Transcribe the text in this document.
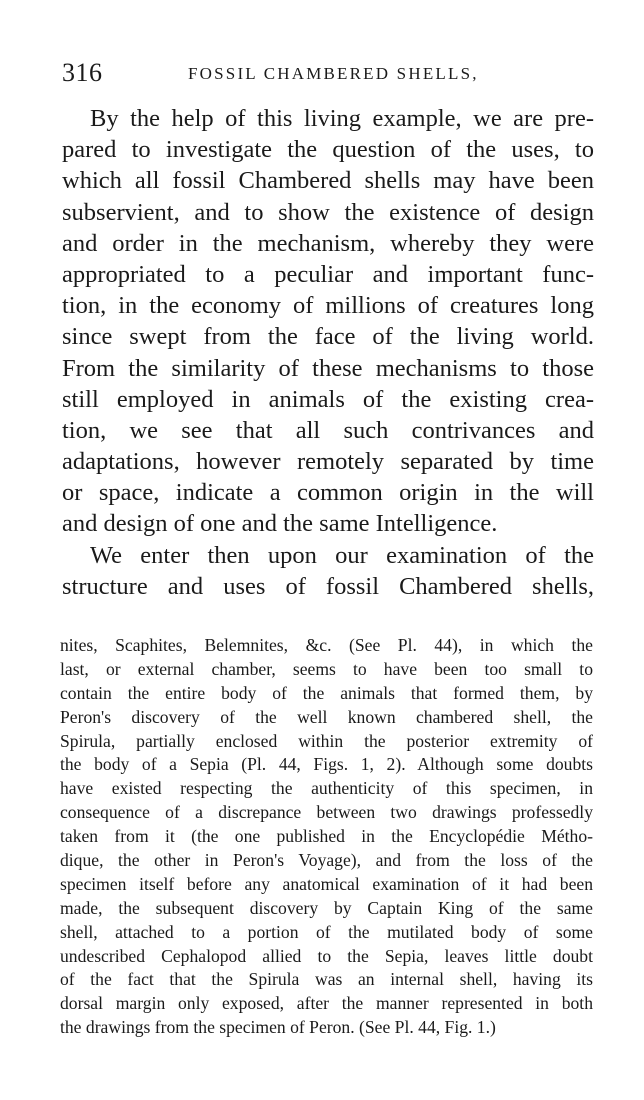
316	FOSSIL CHAMBERED SHELLS,
By the help of this living example, we are pre-
pared to investigate the question of the uses, to
which all fossil Chambered shells may have been
subservient, and to show the existence of design
and order in the mechanism, whereby they were
appropriated to a peculiar and important func-
tion, in the economy of millions of creatures long
since swept from the face of the living world.
From the similarity of these mechanisms to those
still employed in animals of the existing crea-
tion, we see that all such contrivances and
adaptations, however remotely separated by time
or space, indicate a common origin in the will
and design of one and the same Intelligence.
We enter then upon our examination of the
structure and uses of fossil Chambered shells,
nites, Scaphites, Belemnites, &c. (See Pl. 44), in which the
last, or external chamber, seems to have been too small to
contain the entire body of the animals that formed them, by
Peron's discovery of the well known chambered shell, the
Spirula, partially enclosed within the posterior extremity of
the body of a Sepia (Pl. 44, Figs. 1, 2). Although some doubts
have existed respecting the authenticity of this specimen, in
consequence of a discrepance between two drawings professedly
taken from it (the one published in the Encyclopédie Métho-
dique, the other in Peron's Voyage), and from the loss of the
specimen itself before any anatomical examination of it had been
made, the subsequent discovery by Captain King of the same
shell, attached to a portion of the mutilated body of some
undescribed Cephalopod allied to the Sepia, leaves little doubt
of the fact that the Spirula was an internal shell, having its
dorsal margin only exposed, after the manner represented in both
the drawings from the specimen of Peron. (See Pl. 44, Fig. 1.)
